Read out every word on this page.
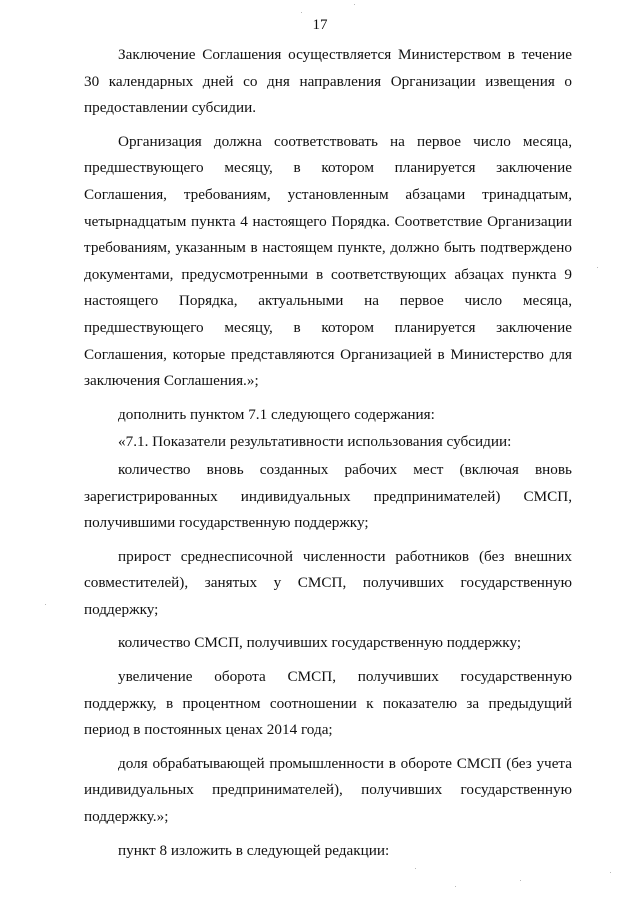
17

Заключение Соглашения осуществляется Министерством в течение 30 календарных дней со дня направления Организации извещения о предоставлении субсидии.

Организация должна соответствовать на первое число месяца, предшествующего месяцу, в котором планируется заключение Соглашения, требованиям, установленным абзацами тринадцатым, четырнадцатым пункта 4 настоящего Порядка. Соответствие Организации требованиям, указанным в настоящем пункте, должно быть подтверждено документами, предусмотренными в соответствующих абзацах пункта 9 настоящего Порядка, актуальными на первое число месяца, предшествующего месяцу, в котором планируется заключение Соглашения, которые представляются Организацией в Министерство для заключения Соглашения.»;

дополнить пунктом 7.1 следующего содержания:

«7.1. Показатели результативности использования субсидии:

количество вновь созданных рабочих мест (включая вновь зарегистрированных индивидуальных предпринимателей) СМСП, получившими государственную поддержку;

прирост среднесписочной численности работников (без внешних совместителей), занятых у СМСП, получивших государственную поддержку;

количество СМСП, получивших государственную поддержку;

увеличение оборота СМСП, получивших государственную поддержку, в процентном соотношении к показателю за предыдущий период в постоянных ценах 2014 года;

доля обрабатывающей промышленности в обороте СМСП (без учета индивидуальных предпринимателей), получивших государственную поддержку.»;

пункт 8 изложить в следующей редакции:
